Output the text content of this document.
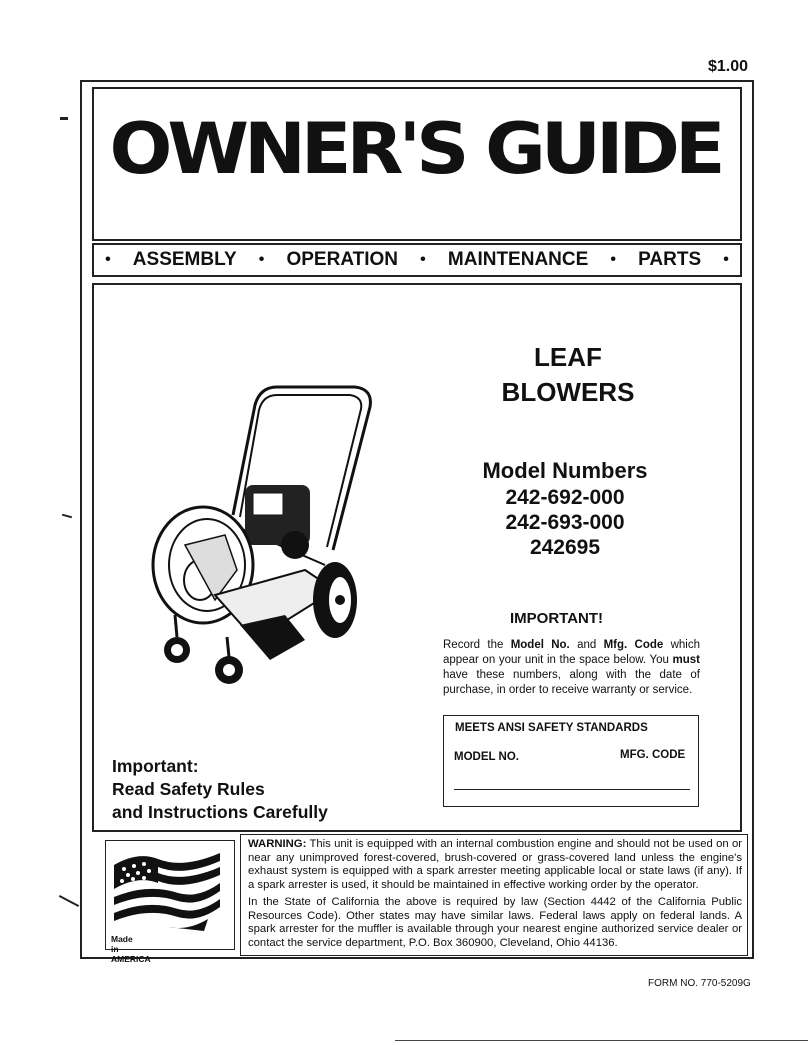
$1.00
OWNER'S GUIDE
• ASSEMBLY • OPERATION • MAINTENANCE • PARTS •
LEAF
BLOWERS
Model Numbers
242-692-000
242-693-000
242695
IMPORTANT!
Record the Model No. and Mfg. Code which appear on your unit in the space below. You must have these numbers, along with the date of purchase, in order to receive warranty or service.
MEETS ANSI SAFETY STANDARDS
MODEL NO.	MFG. CODE
Important:
Read Safety Rules
and Instructions Carefully
Made
in
AMERICA

WARNING: This unit is equipped with an internal combustion engine and should not be used on or near any unimproved forest-covered, brush-covered or grass-covered land unless the engine's exhaust system is equipped with a spark arrester meeting applicable local or state laws (if any). If a spark arrester is used, it should be maintained in effective working order by the operator.

In the State of California the above is required by law (Section 4442 of the California Public Resources Code). Other states may have similar laws. Federal laws apply on federal lands. A spark arrester for the muffler is available through your nearest engine authorized service dealer or contact the service department, P.O. Box 360900, Cleveland, Ohio 44136.

FORM NO. 770-5209G
